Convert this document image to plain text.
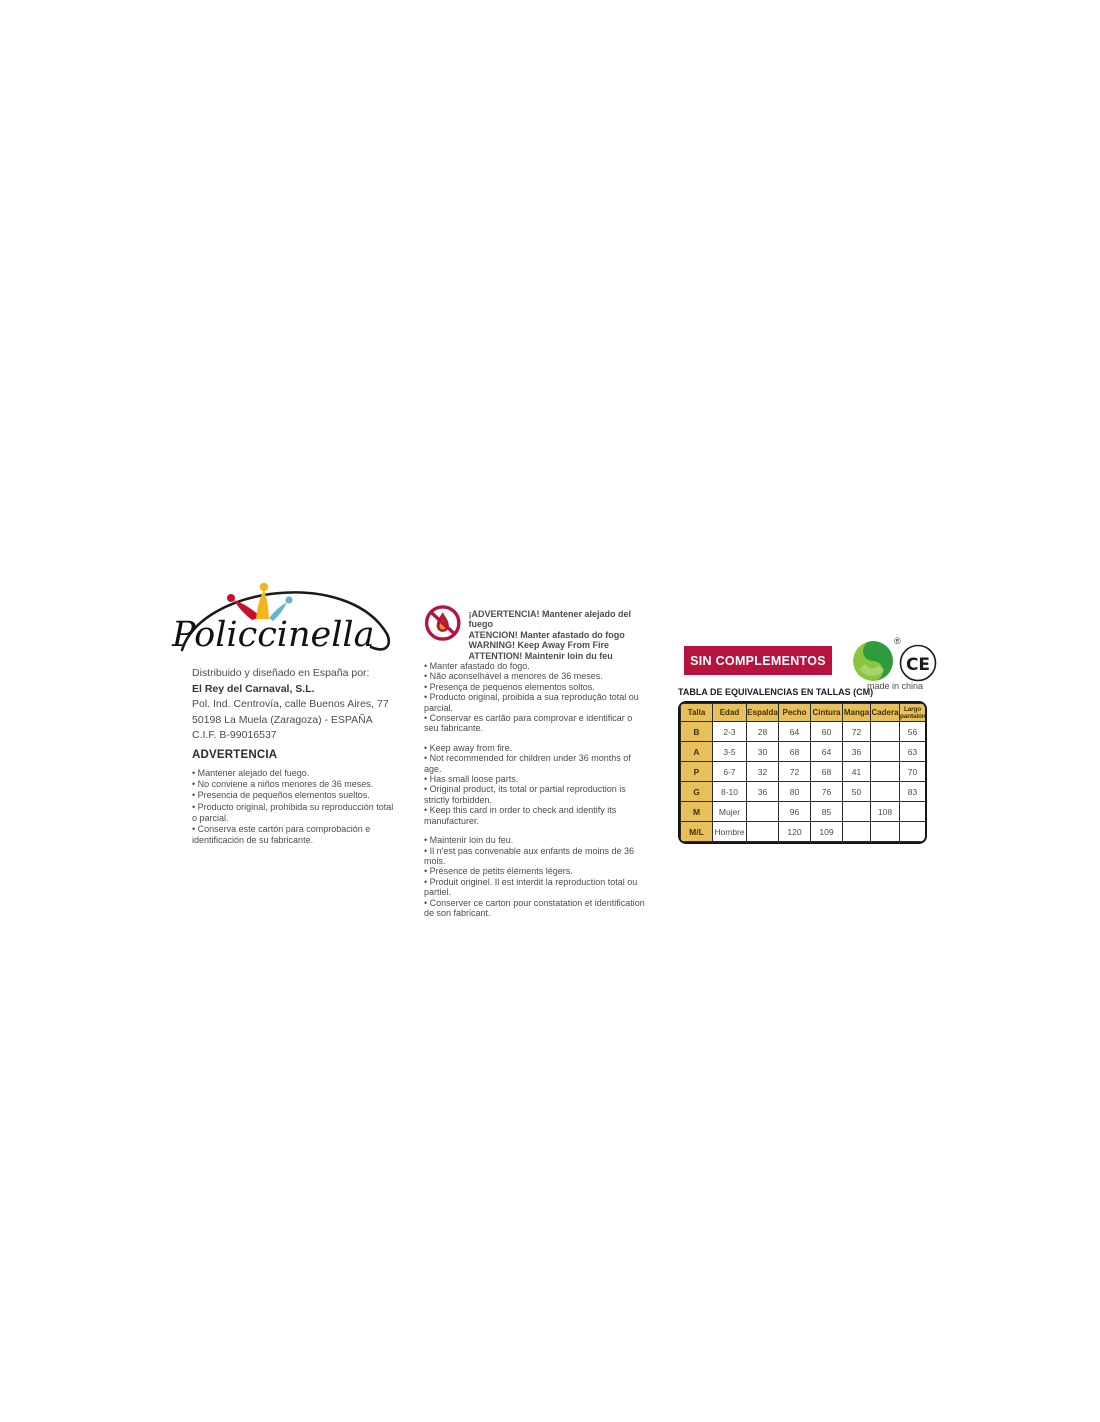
Policcinella
Distribuido y diseñado en España por:
El Rey del Carnaval, S.L.
Pol. Ind. Centrovía, calle Buenos Aires, 77
50198 La Muela (Zaragoza) - ESPAÑA
C.I.F. B-99016537
ADVERTENCIA
• Mantener alejado del fuego.
• No conviene a niños menores de 36 meses.
• Presencia de pequeños elementos sueltos.
• Producto original, prohibida su reproducción total o parcial.
• Conserva este cartón para comprobación e identificación de su fabricante.
¡ADVERTENCIA! Mantener alejado del fuego
ATENCION! Manter afastado do fogo
WARNING! Keep Away From Fire
ATTENTION! Maintenir loin du feu
• Manter afastado do fogo.
• Não aconselhável a menores de 36 meses.
• Presença de pequenos elementos soltos.
• Producto original, proibida a sua reprodução total ou parcial.
• Conservar es cartão para comprovar e identificar o seu fabricante.
• Keep away from fire.
• Not recommended for children under 36 months of age.
• Has small loose parts.
• Original product, its total or partial reproduction is strictly forbidden.
• Keep this card in order to check and identify its manufacturer.
• Maintenir loin du feu.
• Il n'est pas convenable aux enfants de moins de 36 mois.
• Présence de petits éléments légers.
• Produit originel. Il est interdit la reproduction total ou partiel.
• Conserver ce carton pour constatation et identification de son fabricant.
SIN COMPLEMENTOS
®
CE
made in china
TABLA DE EQUIVALENCIAS EN TALLAS (CM)
Talla	Edad	Espalda	Pecho	Cintura	Manga	Cadera	Largo pantalón
B	2-3	28	64	60	72		56
A	3-5	30	68	64	36		63
P	6-7	32	72	68	41		70
G	8-10	36	80	76	50		83
M	Mujer		96	85		108	
M/L	Hombre		120	109			
